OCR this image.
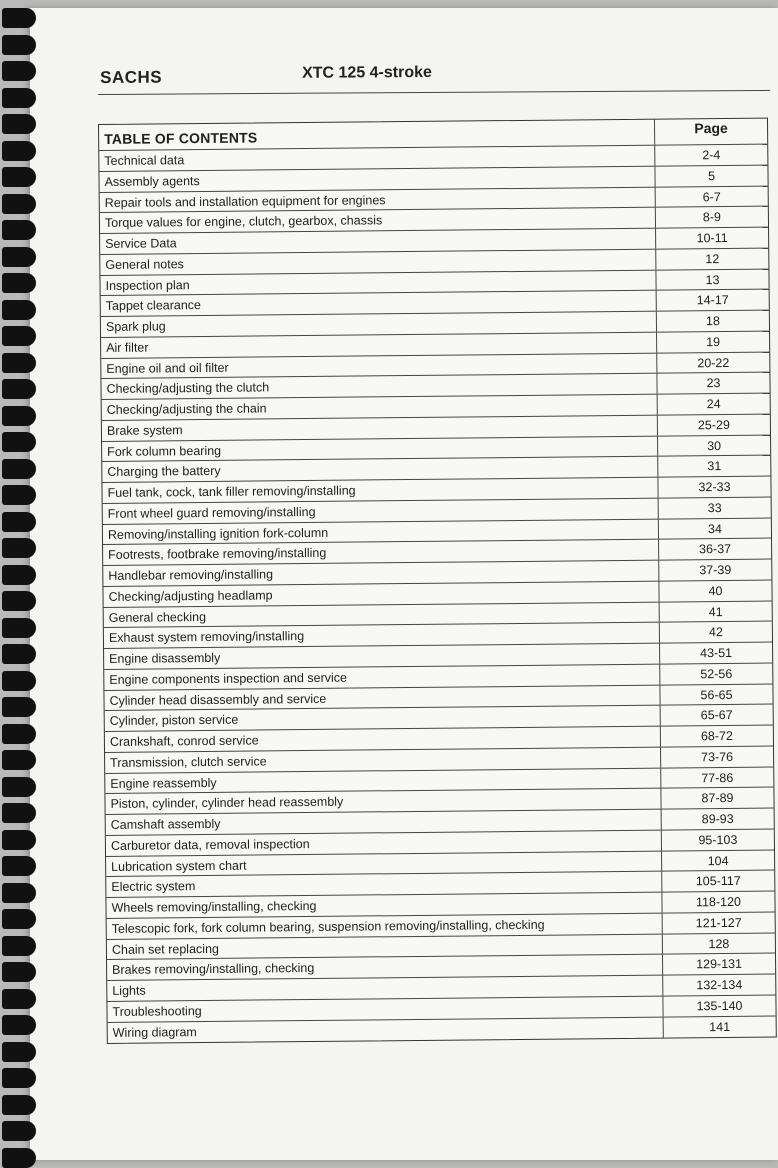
SACHS	XTC 125 4-stroke
TABLE OF CONTENTS
Page
Technical data	2-4
Assembly agents	5
Repair tools and installation equipment for engines	6-7
Torque values for engine, clutch, gearbox, chassis	8-9
Service Data	10-11
General notes	12
Inspection plan	13
Tappet clearance	14-17
Spark plug	18
Air filter	19
Engine oil and oil filter	20-22
Checking/adjusting the clutch	23
Checking/adjusting the chain	24
Brake system	25-29
Fork column bearing	30
Charging the battery	31
Fuel tank, cock, tank filler removing/installing	32-33
Front wheel guard removing/installing	33
Removing/installing ignition fork-column	34
Footrests, footbrake removing/installing	36-37
Handlebar removing/installing	37-39
Checking/adjusting headlamp	40
General checking	41
Exhaust system removing/installing	42
Engine disassembly	43-51
Engine components inspection and service	52-56
Cylinder head disassembly and service	56-65
Cylinder, piston service	65-67
Crankshaft, conrod service	68-72
Transmission, clutch service	73-76
Engine reassembly	77-86
Piston, cylinder, cylinder head reassembly	87-89
Camshaft assembly	89-93
Carburetor data, removal inspection	95-103
Lubrication system chart	104
Electric system	105-117
Wheels removing/installing, checking	118-120
Telescopic fork, fork column bearing, suspension removing/installing, checking	121-127
Chain set replacing	128
Brakes removing/installing, checking	129-131
Lights	132-134
Troubleshooting	135-140
Wiring diagram	141
